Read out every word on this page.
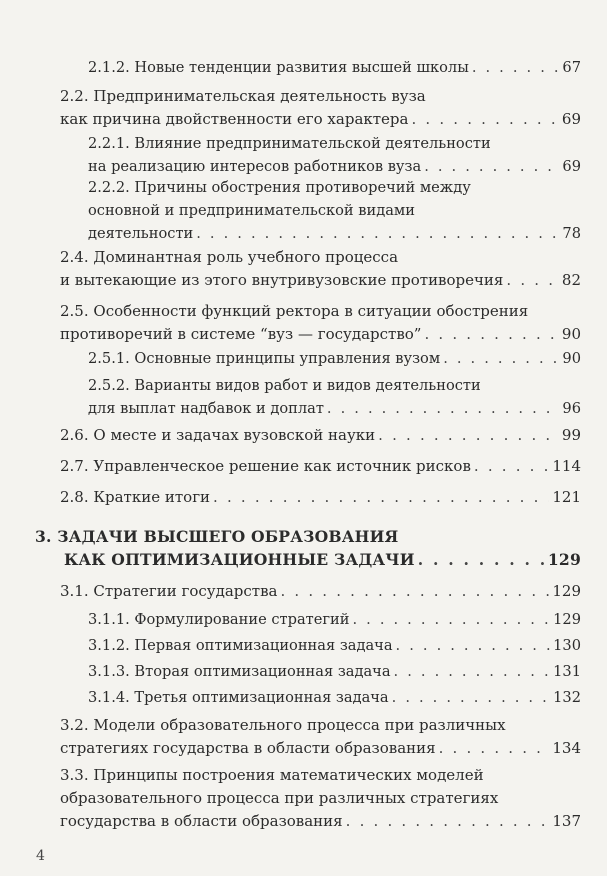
2.1.2. Новые тенденции развития высшей школы . . .	67
2.2. Предпринимательская деятельность вуза
как причина двойственности его характера . . .	69
2.2.1. Влияние предпринимательской деятельности
на реализацию интересов работников вуза . . .	69
2.2.2. Причины обострения противоречий между
основной и предпринимательской видами
деятельности . . .	78
2.4. Доминантная роль учебного процесса
и вытекающие из этого внутривузовские противоречия . . .	82
2.5. Особенности функций ректора в ситуации обострения
противоречий в системе “вуз — государство” . . .	90
2.5.1. Основные принципы управления вузом . . .	90
2.5.2. Варианты видов работ и видов деятельности
для выплат надбавок и доплат . . .	96
2.6. О месте и задачах вузовской науки . . .	99
2.7. Управленческое решение как источник рисков . . .	114
2.8. Краткие итоги . . .	121
3. ЗАДАЧИ ВЫСШЕГО ОБРАЗОВАНИЯ
КАК ОПТИМИЗАЦИОННЫЕ ЗАДАЧИ . . .	129
3.1. Стратегии государства . . .	129
3.1.1. Формулирование стратегий . . .	129
3.1.2. Первая оптимизационная задача . . .	130
3.1.3. Вторая оптимизационная задача . . .	131
3.1.4. Третья оптимизационная задача . . .	132
3.2. Модели образовательного процесса при различных
стратегиях государства в области образования . . .	134
3.3. Принципы построения математических моделей
образовательного процесса при различных стратегиях
государства в области образования . . .	137
4
